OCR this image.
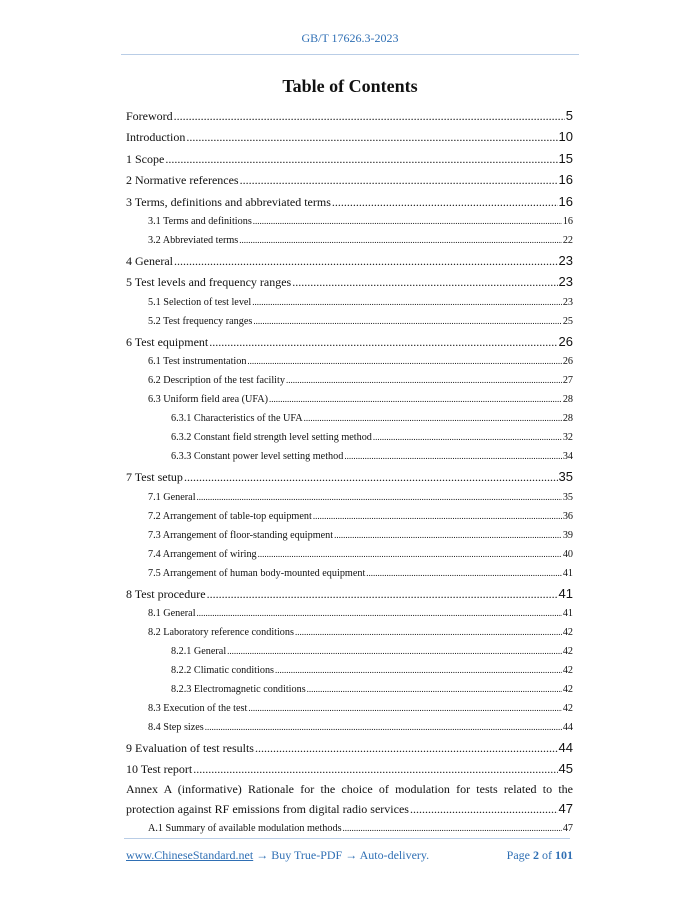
GB/T 17626.3-2023
Table of Contents
Foreword .....	5
Introduction .....	10
1 Scope .....	15
2 Normative references .....	16
3 Terms, definitions and abbreviated terms .....	16
3.1 Terms and definitions .....	16
3.2 Abbreviated terms .....	22
4 General .....	23
5 Test levels and frequency ranges .....	23
5.1 Selection of test level .....	23
5.2 Test frequency ranges .....	25
6 Test equipment .....	26
6.1 Test instrumentation .....	26
6.2 Description of the test facility .....	27
6.3 Uniform field area (UFA) .....	28
6.3.1 Characteristics of the UFA .....	28
6.3.2 Constant field strength level setting method .....	32
6.3.3 Constant power level setting method .....	34
7 Test setup .....	35
7.1 General .....	35
7.2 Arrangement of table-top equipment .....	36
7.3 Arrangement of floor-standing equipment .....	39
7.4 Arrangement of wiring .....	40
7.5 Arrangement of human body-mounted equipment .....	41
8 Test procedure .....	41
8.1 General .....	41
8.2 Laboratory reference conditions .....	42
8.2.1 General .....	42
8.2.2 Climatic conditions .....	42
8.2.3 Electromagnetic conditions .....	42
8.3 Execution of the test .....	42
8.4 Step sizes .....	44
9 Evaluation of test results .....	44
10 Test report .....	45
Annex A (informative) Rationale for the choice of modulation for tests related to the
protection against RF emissions from digital radio services .....	47
A.1 Summary of available modulation methods .....	47
www.ChineseStandard.net → Buy True-PDF → Auto-delivery.	Page 2 of 101
